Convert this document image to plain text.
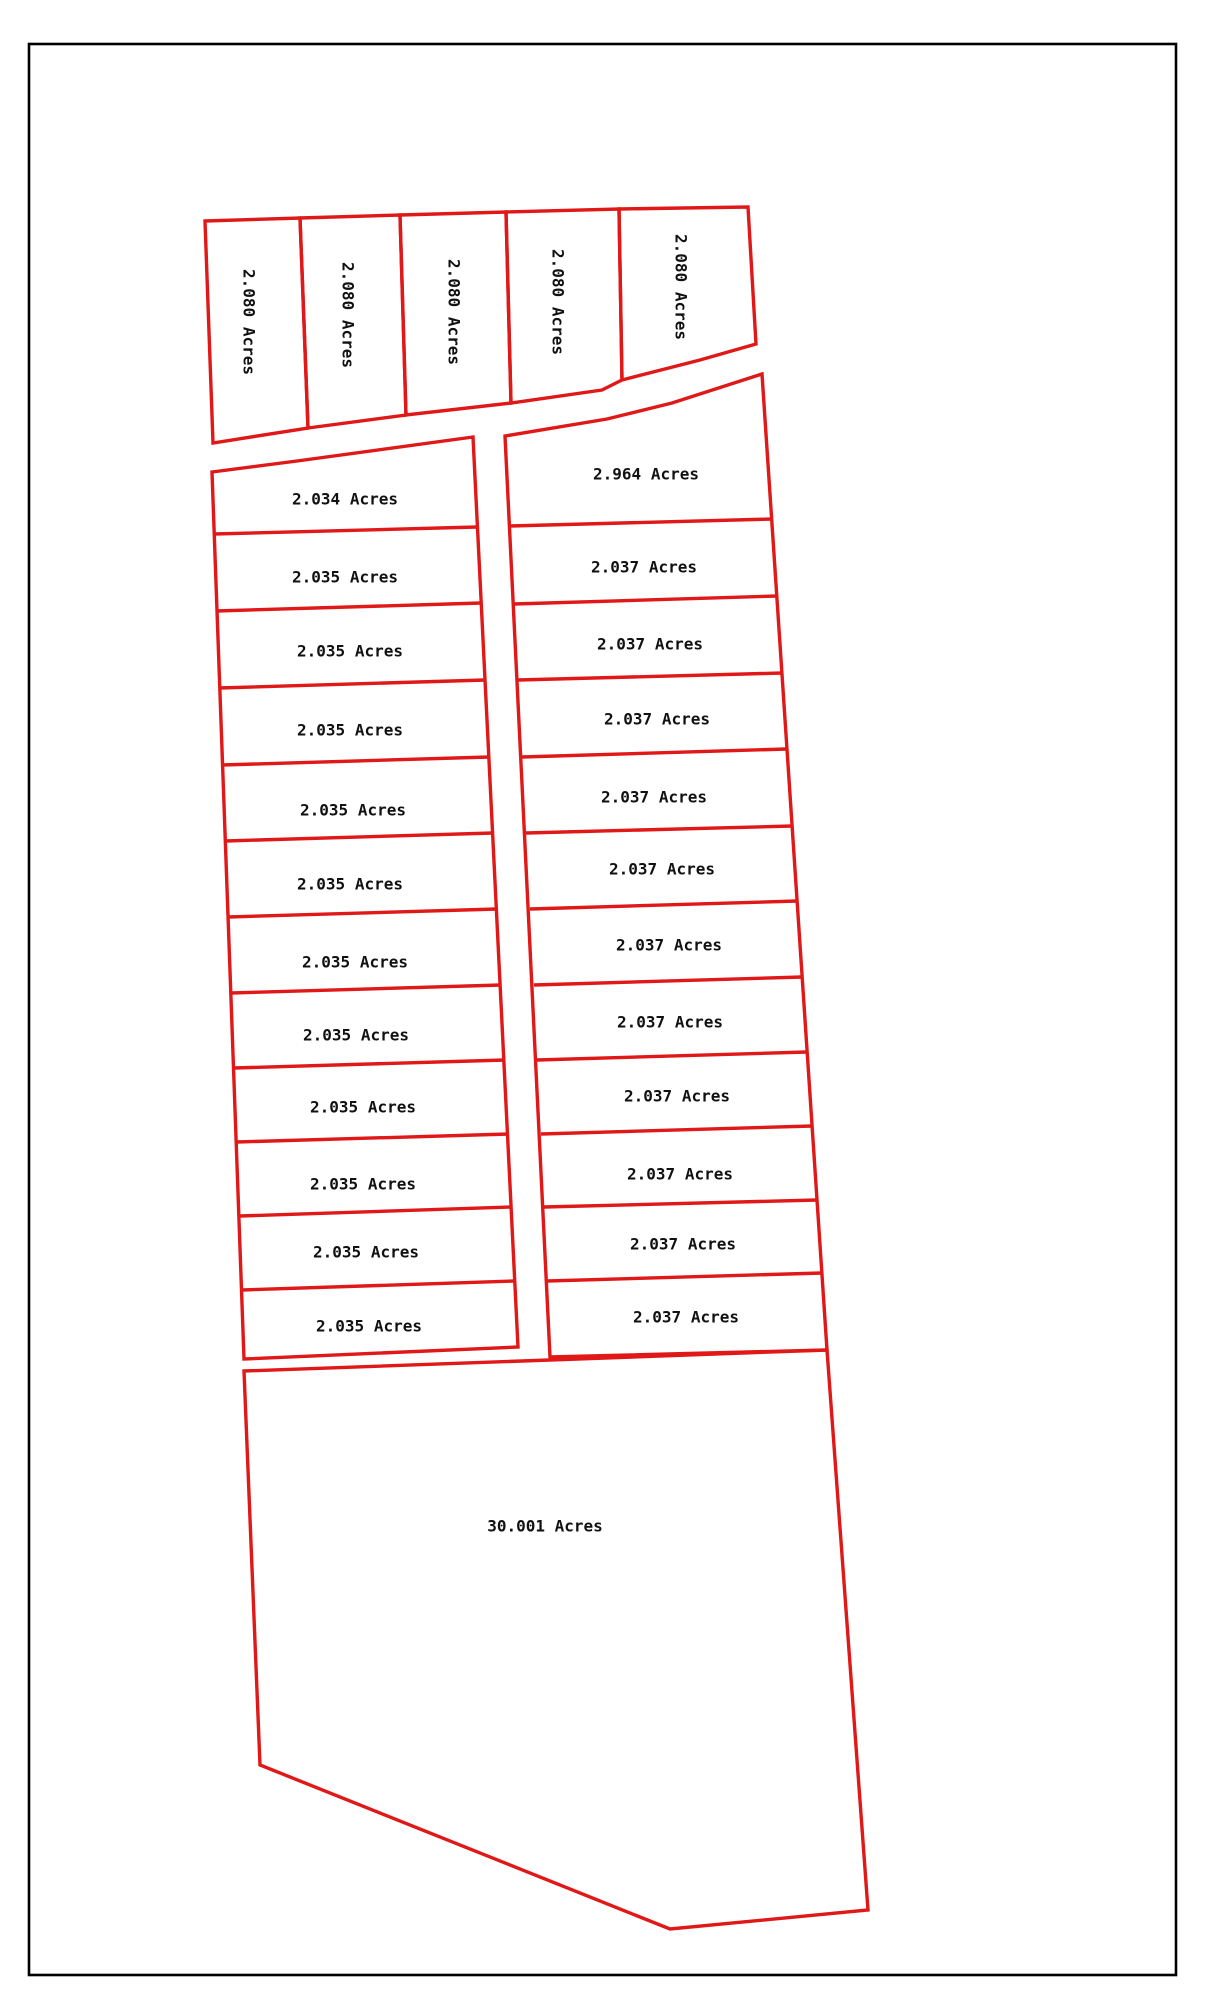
2.080 Acres	2.080 Acres	2.080 Acres	2.080 Acres	2.080 Acres
2.034 Acres
2.035 Acres
2.035 Acres
2.035 Acres
2.035 Acres
2.035 Acres
2.035 Acres
2.035 Acres
2.035 Acres
2.035 Acres
2.035 Acres
2.035 Acres
2.964 Acres
2.037 Acres
2.037 Acres
2.037 Acres
2.037 Acres
2.037 Acres
2.037 Acres
2.037 Acres
2.037 Acres
2.037 Acres
2.037 Acres
2.037 Acres
30.001 Acres
